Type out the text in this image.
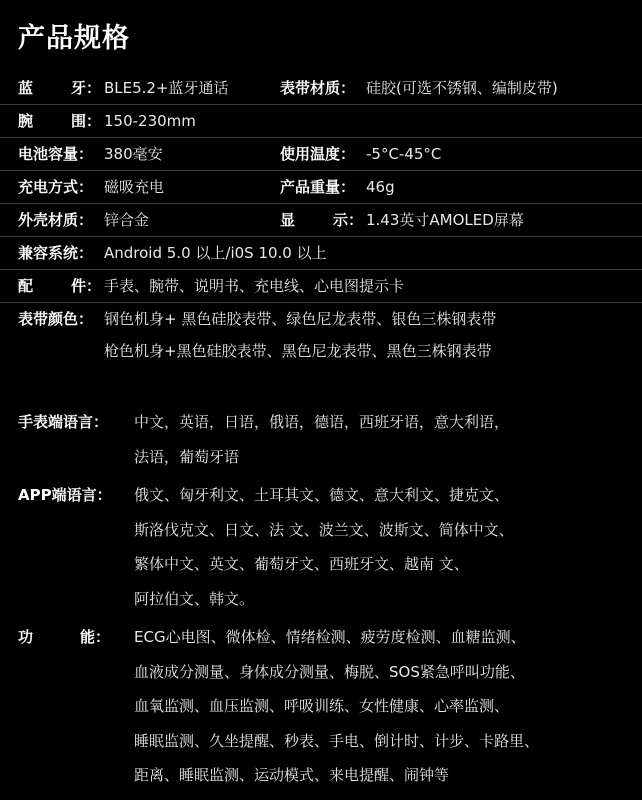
产品规格
蓝	牙 ： BLE5.2+蓝牙通话	表带材质： 硅胶(可选不锈钢、编制皮带)
腕	围 ： 150-230mm
电池容量： 380毫安	使用温度： -5°C-45°C
充电方式： 磁吸充电	产品重量： 46g
外壳材质： 锌合金	显	示 ： 1.43英寸AMOLED屏幕
兼容系统： Android 5.0 以上/i0S 10.0 以上
配	件 ： 手表、腕带、说明书、充电线、心电图提示卡
表带颜色： 钢色机身+ 黑色硅胶表带、绿色尼龙表带、银色三株钢表带
枪色机身+黑色硅胶表带、黑色尼龙表带、黑色三株钢表带
手表端语言： 中文，英语，日语，俄语，德语，西班牙语，意大利语，
法语，葡萄牙语
APP端语言： 俄文、匈牙利文、土耳其文、德文、意大利文、捷克文、
斯洛伐克文、日文、法 文、波兰文、波斯文、简体中文、
繁体中文、英文、葡萄牙文、西班牙文、越南 文、
阿拉伯文、韩文。
功	能： ECG心电图、微体检、情绪检测、疲劳度检测、血糖监测、
血液成分测量、身体成分测量、梅脱、SOS紧急呼叫功能、
血氧监测、血压监测、呼吸训练、女性健康、心率监测、
睡眠监测、久坐提醒、秒表、手电、倒计时、计步、卡路里、
距离、睡眠监测、运动模式、来电提醒、闹钟等
